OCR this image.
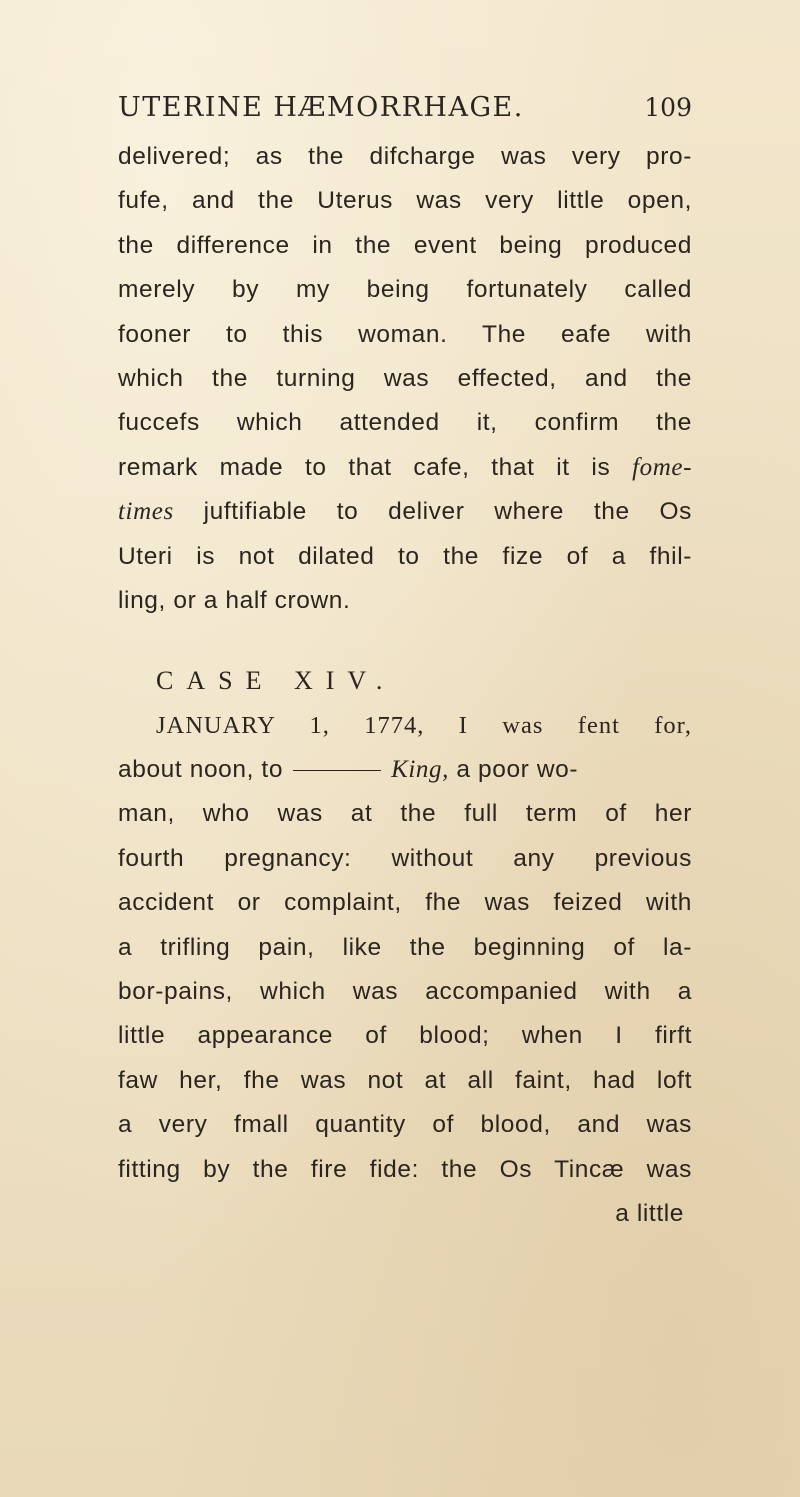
UTERINE HÆMORRHAGE.	109
delivered; as the difcharge was very pro-
fufe, and the Uterus was very little open,
the difference in the event being produced
merely by my being fortunately called
fooner to this woman. The eafe with
which the turning was effected, and the
fuccefs which attended it, confirm the
remark made to that cafe, that it is fome-
times juftifiable to deliver where the Os
Uteri is not dilated to the fize of a fhil-
ling, or a half crown.
CASE XIV.
JANUARY 1, 1774, I was fent for,
about noon, to	King, a poor wo-
man, who was at the full term of her
fourth pregnancy: without any previous
accident or complaint, fhe was feized with
a trifling pain, like the beginning of la-
bor-pains, which was accompanied with a
little appearance of blood; when I firft
faw her, fhe was not at all faint, had loft
a very fmall quantity of blood, and was
fitting by the fire fide: the Os Tincæ was
a little
